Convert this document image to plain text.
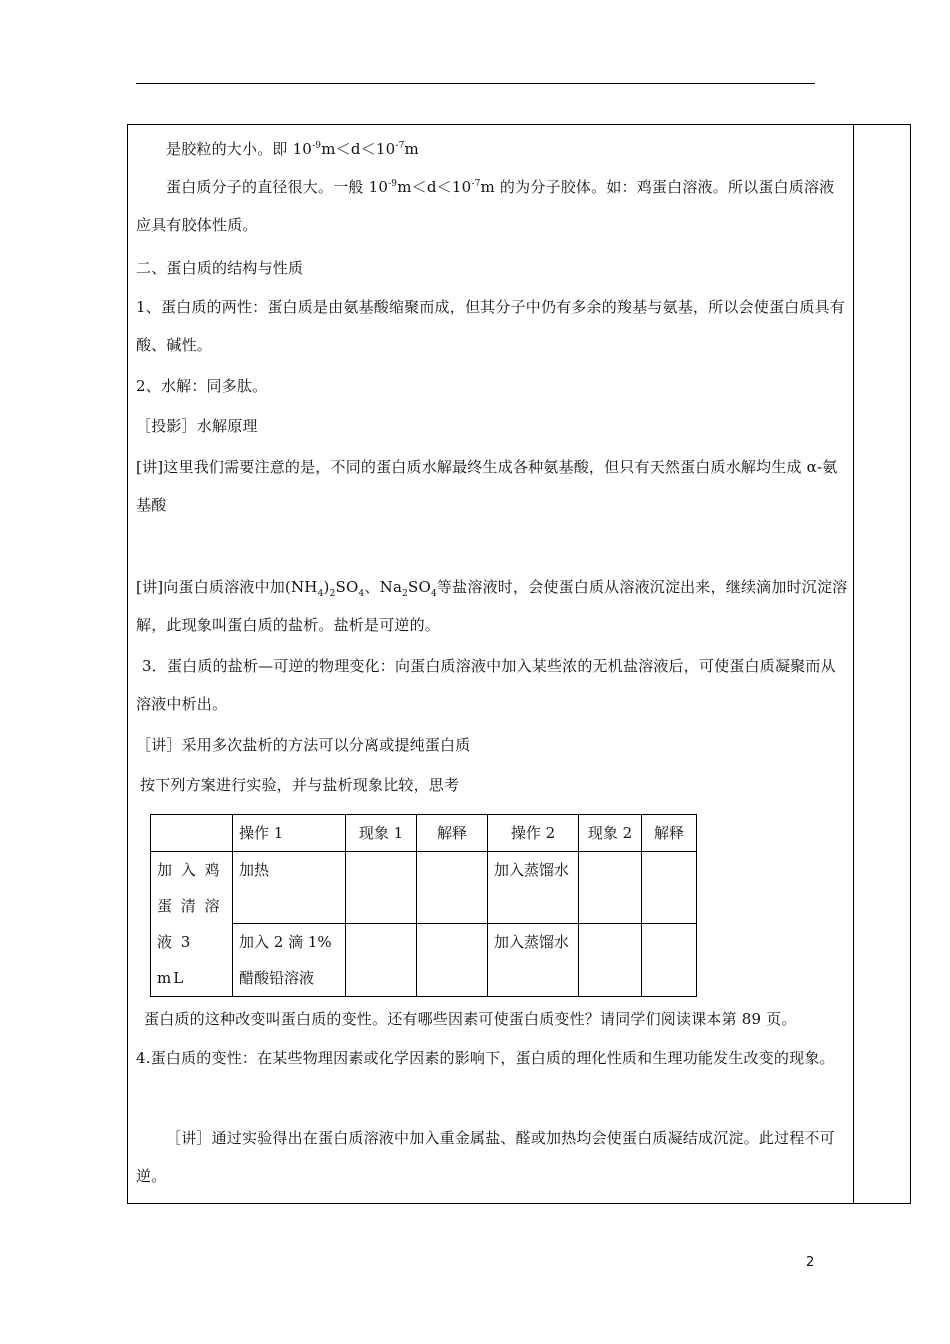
是胶粒的大小。即 $10^{-9}m<d<10^{-7}m$

蛋白质分子的直径很大。一般 $10^{-9}m<d<10^{-7}m$ 的为分子胶体。如：鸡蛋白溶液。所以蛋白质溶液应具有胶体性质。

二、蛋白质的结构与性质

1、蛋白质的两性：蛋白质是由氨基酸缩聚而成，但其分子中仍有多余的羧基与氨基，所以会使蛋白质具有酸、碱性。

2、水解：同多肽。

［投影］水解原理

[讲]这里我们需要注意的是，不同的蛋白质水解最终生成各种氨基酸，但只有天然蛋白质水解均生成 α-氨基酸

[讲]向蛋白质溶液中加$(NH_4)_2SO_4$、$Na_2SO_4$等盐溶液时，会使蛋白质从溶液沉淀出来，继续滴加时沉淀溶解，此现象叫蛋白质的盐析。盐析是可逆的。

3．蛋白质的盐析—可逆的物理变化：向蛋白质溶液中加入某些浓的无机盐溶液后，可使蛋白质凝聚而从溶液中析出。

［讲］采用多次盐析的方法可以分离或提纯蛋白质

按下列方案进行实验，并与盐析现象比较，思考

	操作 1	现象 1	解释	操作 2	现象 2	解释
加 入 鸡 蛋 清 溶 液 3 mL	加热			加入蒸馏水		
	加入 2 滴 1% 醋酸铅溶液			加入蒸馏水		

蛋白质的这种改变叫蛋白质的变性。还有哪些因素可使蛋白质变性？请同学们阅读课本第 89 页。

4.蛋白质的变性：在某些物理因素或化学因素的影响下，蛋白质的理化性质和生理功能发生改变的现象。

［讲］通过实验得出在蛋白质溶液中加入重金属盐、醛或加热均会使蛋白质凝结成沉淀。此过程不可逆。

2
